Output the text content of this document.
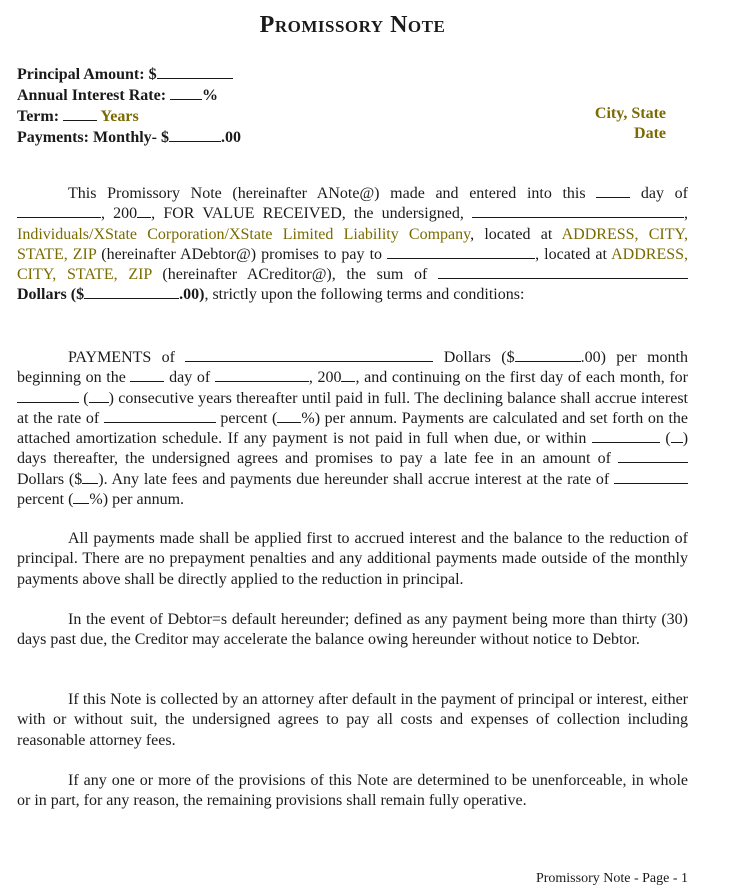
Promissory Note
Principal Amount: $
Annual Interest Rate: %
Term:  Years
Payments: Monthly- $	.00
City, State
Date
This Promissory Note (hereinafter ANote@) made and entered into this  day of , 200 , FOR VALUE RECEIVED, the undersigned,	, Individuals/XState Corporation/XState Limited Liability Company, located at ADDRESS, CITY, STATE, ZIP (hereinafter ADebtor@) promises to pay to	, located at ADDRESS, CITY, STATE, ZIP (hereinafter ACreditor@), the sum of  Dollars ($	.00), strictly upon the following terms and conditions:
PAYMENTS of	Dollars ($	.00) per month beginning on the  day of	, 200 , and continuing on the first day of each month, for  ( ) consecutive years thereafter until paid in full. The declining balance shall accrue interest at the rate of	percent ( %) per annum. Payments are calculated and set forth on the attached amortization schedule. If any payment is not paid in full when due, or within	( ) days thereafter, the undersigned agrees and promises to pay a late fee in an amount of  Dollars ($ ). Any late fees and payments due hereunder shall accrue interest at the rate of  percent ( %) per annum.
All payments made shall be applied first to accrued interest and the balance to the reduction of principal. There are no prepayment penalties and any additional payments made outside of the monthly payments above shall be directly applied to the reduction in principal.
In the event of Debtor=s default hereunder; defined as any payment being more than thirty (30) days past due, the Creditor may accelerate the balance owing hereunder without notice to Debtor.
If this Note is collected by an attorney after default in the payment of principal or interest, either with or without suit, the undersigned agrees to pay all costs and expenses of collection including reasonable attorney fees.
If any one or more of the provisions of this Note are determined to be unenforceable, in whole or in part, for any reason, the remaining provisions shall remain fully operative.
Promissory Note - Page - 1
